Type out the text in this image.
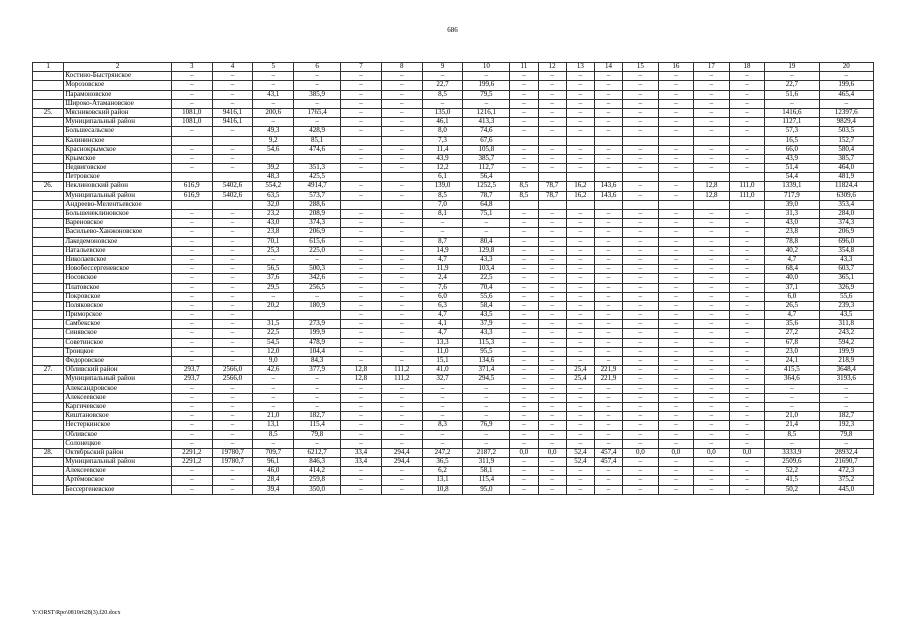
686
1	2	3	4	5	6	7	8	9	10	11	12	13	14	15	16	17	18	19	20
	Костино-Быстрянское	–	–	–	–	–	–	–	–	–	–	–	–	–	–	–	–	–	–
	Морозовское	–	–	–	–	–	–	22,7	199,6	–	–	–	–	–	–	–	–	22,7	199,6
	Парамоновское	–	–	43,1	385,9	–	–	8,5	79,5	–	–	–	–	–	–	–	–	51,6	465,4
	Широко-Атамановское	–	–	–	–	–	–	–	–	–	–	–	–	–	–	–	–	–	–
25.	Мясниковский район	1081,0	9416,1	200,6	1765,4	–	–	135,0	1216,1	–	–	–	–	–	–	–	–	1416,6	12397,6
	Муниципальный район	1081,0	9416,1	–	–	–	–	46,1	413,3	–	–	–	–	–	–	–	–	1127,1	9829,4
	Большесальское	–	–	49,3	428,9	–	–	8,0	74,6	–	–	–	–	–	–	–	–	57,3	503,5
	Калининское			9,2	85,1			7,3	67,6									16,5	152,7
	Краснокрымское	–	–	54,6	474,6	–	–	11,4	105,8	–	–	–	–	–	–	–	–	66,0	580,4
	Крымское	–	–			–	–	43,9	385,7	–	–	–	–	–	–	–	–	43,9	385,7
	Недвиговское	–	–	39,2	351,3	–	–	12,2	112,7	–	–	–	–	–	–	–	–	51,4	464,0
	Петровское			48,3	425,5			6,1	56,4									54,4	481,9
26.	Неклиновский район	616,9	5402,6	554,2	4914,7	–	–	139,0	1252,5	8,5	78,7	16,2	143,6	–	–	12,8	111,0	1339,1	11824,4
	Муниципальный район	616,9	5402,6	63,5	573,7	–	–	8,5	78,7	8,5	78,7	16,2	143,6	–	–	12,8	111,0	717,9	6309,6
	Андреево-Мелентьевское			32,0	288,6			7,0	64,8									39,0	353,4
	Большенеклиновское	–	–	23,2	208,9	–	–	8,1	75,1	–	–	–	–	–	–	–	–	31,3	284,0
	Вареновское	–	–	43,0	374,3	–	–	–	–	–	–	–	–	–	–	–	–	43,0	374,3
	Васильево-Ханжоновское	–	–	23,8	206,9	–	–	–	–	–	–	–	–	–	–	–	–	23,8	206,9
	Лакедемоновское	–	–	70,1	615,6	–	–	8,7	80,4	–	–	–	–	–	–	–	–	78,8	696,0
	Натальевское	–	–	25,3	225,0	–	–	14,9	129,8	–	–	–	–	–	–	–	–	40,2	354,8
	Николаевское	–	–	–	–	–	–	4,7	43,3	–	–	–	–	–	–	–	–	4,7	43,3
	Новобессергеневское	–	–	56,5	500,3	–	–	11,9	103,4	–	–	–	–	–	–	–	–	68,4	603,7
	Носовское	–	–	37,6	342,6	–	–	2,4	22,5	–	–	–	–	–	–	–	–	40,0	365,1
	Платовское	–	–	29,5	256,5	–	–	7,6	70,4	–	–	–	–	–	–	–	–	37,1	326,9
	Покровское	–	–	–	–	–	–	6,0	55,6	–	–	–	–	–	–	–	–	6,0	55,6
	Поляковское	–	–	20,2	180,9	–	–	6,3	58,4	–	–	–	–	–	–	–	–	26,5	239,3
	Приморское	–	–			–	–	4,7	43,5	–	–	–	–	–	–	–	–	4,7	43,5
	Самбекское	–	–	31,5	273,9	–	–	4,1	37,9	–	–	–	–	–	–	–	–	35,6	311,8
	Синявское	–	–	22,5	199,9	–	–	4,7	43,3	–	–	–	–	–	–	–	–	27,2	243,2
	Советинское	–	–	54,5	478,9	–	–	13,3	115,3	–	–	–	–	–	–	–	–	67,8	594,2
	Троицкое	–	–	12,0	104,4	–	–	11,0	95,5	–	–	–	–	–	–	–	–	23,0	199,9
	Федоровское	–	–	9,0	84,3	–	–	15,1	134,6	–	–	–	–	–	–	–	–	24,1	218,9
27.	Обливский район	293,7	2566,0	42,6	377,9	12,8	111,2	41,0	371,4	–	–	25,4	221,9	–	–	–	–	415,5	3648,4
	Муниципальный район	293,7	2566,0	–	–	12,8	111,2	32,7	294,5	–	–	25,4	221,9	–	–	–	–	364,6	3193,6
	Александровское	–	–	–	–	–	–	–	–	–	–	–	–	–	–	–	–	–	–
	Алексеевское	–	–	–	–	–	–	–	–	–	–	–	–	–	–	–	–	–	–
	Каргичевское	–	–	–	–	–	–	–	–	–	–	–	–	–	–	–	–	–	–
	Киштановское	–	–	21,0	182,7	–	–	–	–	–	–	–	–	–	–	–	–	21,0	182,7
	Нестеркинское	–	–	13,1	115,4	–	–	8,3	76,9	–	–	–	–	–	–	–	–	21,4	192,3
	Обливское	–	–	8,5	79,8	–	–	–	–	–	–	–	–	–	–	–	–	8,5	79,8
	Солонецкое	–	–	–	–	–	–	–	–	–	–	–	–	–	–	–	–	–	–
28.	Октябрьский район	2291,2	19780,7	709,7	6212,7	33,4	294,4	247,2	2187,2	0,0	0,0	52,4	457,4	0,0	0,0	0,0	0,0	3333,9	28932,4
	Муниципальный район	2291,2	19780,7	96,1	846,3	33,4	294,4	36,5	311,9	–	–	52,4	457,4	–	–	–	–	2509,6	21690,7
	Алексеевское	–	–	46,0	414,2	–	–	6,2	58,1	–	–	–	–	–	–	–	–	52,2	472,3
	Артёмовское	–	–	28,4	259,8	–	–	13,1	115,4	–	–	–	–	–	–	–	–	41,5	375,2
	Бессергеневское	–	–	39,4	350,0	–	–	10,8	95,0	–	–	–	–	–	–	–	–	50,2	445,0
Y:\ORST\Rpo\0810r628(3).f20.docx
